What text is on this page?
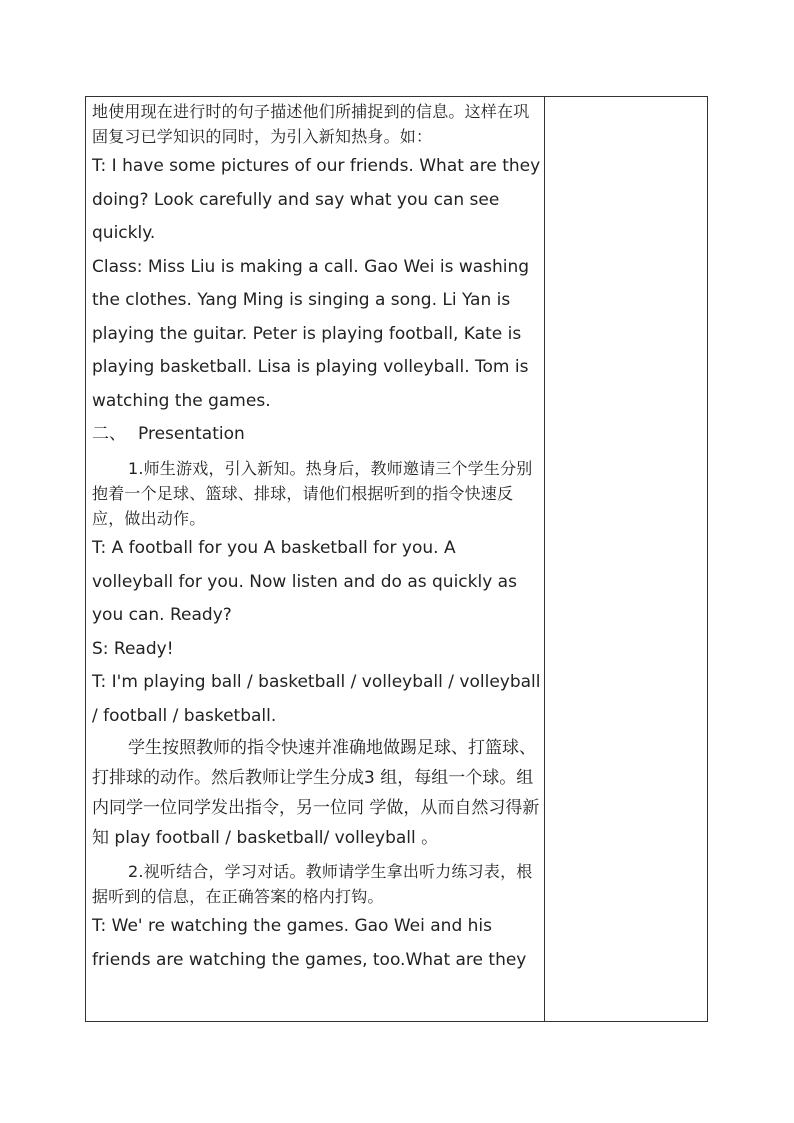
地使用现在进行时的句子描述他们所捕捉到的信息。这样在巩固复习已学知识的同时，为引入新知热身。如：

T: I have some pictures of our friends. What are they doing? Look carefully and say what you can see quickly.

Class: Miss Liu is making a call. Gao Wei is washing the clothes. Yang Ming is singing a song. Li Yan is playing the guitar. Peter is playing football, Kate is playing basketball. Lisa is playing volleyball. Tom is watching the games.

二、 Presentation

1.师生游戏，引入新知。热身后，教师邀请三个学生分别抱着一个足球、篮球、排球，请他们根据听到的指令快速反应，做出动作。

T: A football for you A basketball for you. A volleyball for you. Now listen and do as quickly as you can. Ready?

S: Ready!

T: I'm playing ball / basketball / volleyball / volleyball / football / basketball.

学生按照教师的指令快速并准确地做踢足球、打篮球、打排球的动作。然后教师让学生分成3 组，每组一个球。组内同学一位同学发出指令，另一位同 学做，从而自然习得新知 play football / basketball/ volleyball 。

2.视听结合，学习对话。教师请学生拿出听力练习表，根据听到的信息，在正确答案的格内打钩。

T: We' re watching the games. Gao Wei and his friends are watching the games, too.What are they
